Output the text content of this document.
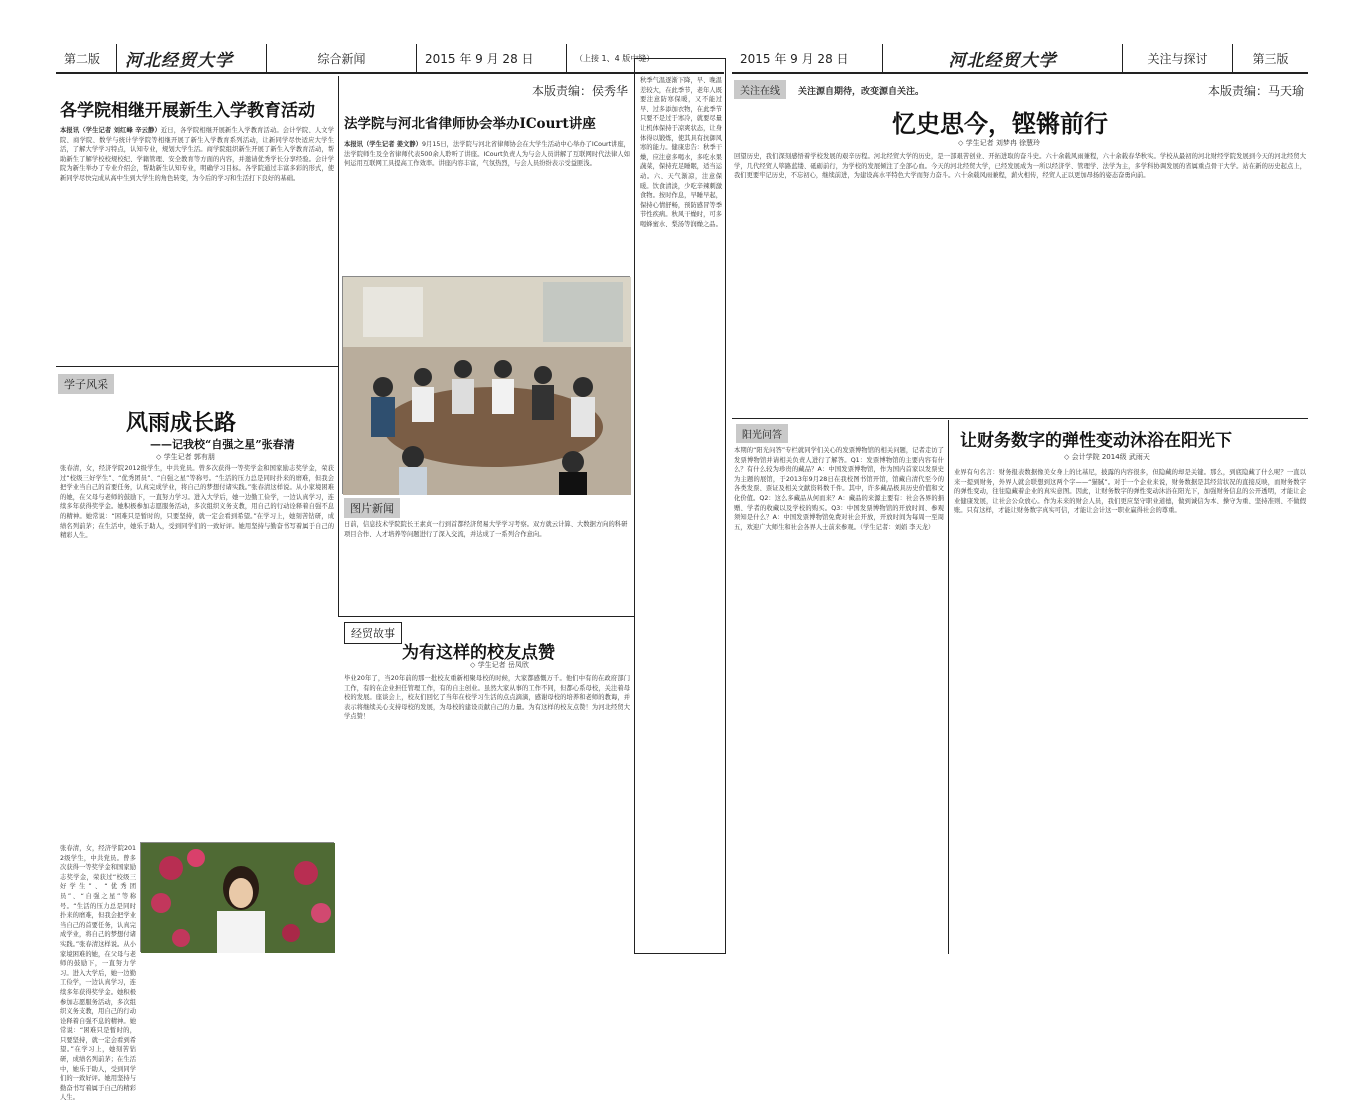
第二版	河北经贸大学	综合新闻	2015 年 9 月 28 日	（上接 1、4 版中缝）
本版责编：侯秀华
各学院相继开展新生入学教育活动
本报讯（学生记者 刘红峰 辛云静）近日，各学院相继开展新生入学教育活动。会计学院、人文学院、商学院、数学与统计学学院等相继开展了新生入学教育系列活动，让新同学尽快适应大学生活，了解大学学习特点，认知专业，规划大学生活。商学院组织新生开展了新生入学教育活动，帮助新生了解学校校规校纪、学籍管理、安全教育等方面的内容，并邀请优秀学长分享经验。会计学院为新生举办了专业介绍会，帮助新生认知专业，明确学习目标。各学院通过丰富多彩的形式，使新同学尽快完成从高中生到大学生的角色转变，为今后的学习和生活打下良好的基础。
法学院与河北省律师协会举办ICourt讲座
本报讯（学生记者 姜文静）9月15日，法学院与河北省律师协会在大学生活动中心举办了ICourt讲座，法学院师生及全省律师代表500余人聆听了讲座。ICourt负责人为与会人员讲解了互联网时代法律人如何运用互联网工具提高工作效率。讲座内容丰富，气氛热烈，与会人员纷纷表示受益匪浅。
图片新闻
日前，信息技术学院院长王素贞一行到首都经济贸易大学学习考察。双方就云计算、大数据方向的科研项目合作、人才培养等问题进行了深入交流，并达成了一系列合作意向。
学子风采
风雨成长路
——记我校“自强之星”张春清
◇ 学生记者 郭有朋
张春清，女，经济学院2012级学生，中共党员。曾多次获得一等奖学金和国家励志奖学金，荣获过“校级三好学生”、“优秀团员”、“自强之星”等称号。“生活的压力总是同时扑来的磨难，但我会把学业当自己的首要任务，认真完成学业，将自己的梦想付诸实践。”张春清这样说。从小家境困难的她，在父母与老师的鼓励下，一直努力学习。进入大学后，她一边勤工俭学，一边认真学习，连续多年获得奖学金。她积极参加志愿服务活动，多次组织义务支教，用自己的行动诠释着自强不息的精神。她常说：“困难只是暂时的，只要坚持，就一定会看到希望。”在学习上，她刻苦钻研，成绩名列前茅；在生活中，她乐于助人，受到同学们的一致好评。她用坚持与勤奋书写着属于自己的精彩人生。
张春清，女，经济学院2012级学生，中共党员。曾多次获得一等奖学金和国家励志奖学金，荣获过“校级三好学生”、“优秀团员”、“自强之星”等称号。“生活的压力总是同时扑来的磨难，但我会把学业当自己的首要任务，认真完成学业，将自己的梦想付诸实践。”张春清这样说。从小家境困难的她，在父母与老师的鼓励下，一直努力学习。进入大学后，她一边勤工俭学，一边认真学习，连续多年获得奖学金。她积极参加志愿服务活动，多次组织义务支教，用自己的行动诠释着自强不息的精神。她常说：“困难只是暂时的，只要坚持，就一定会看到希望。”在学习上，她刻苦钻研，成绩名列前茅；在生活中，她乐于助人，受到同学们的一致好评。她用坚持与勤奋书写着属于自己的精彩人生。
经贸故事
为有这样的校友点赞
◇ 学生记者 岳凤欣
毕业20年了，当20年前的那一批校友重新相聚母校的时候，大家都感慨万千。他们中有的在政府部门工作，有的在企业担任管理工作，有的自主创业。虽然大家从事的工作不同，但都心系母校，关注着母校的发展。座谈会上，校友们回忆了当年在校学习生活的点点滴滴，感谢母校的培养和老师的教诲，并表示将继续关心支持母校的发展，为母校的建设贡献自己的力量。为有这样的校友点赞！为河北经贸大学点赞！
秋季气温逐渐下降，早、晚温差较大，在此季节，老年人既要注意防寒保暖，又不能过早、过多添加衣物，在此季节只要不是过于寒冷，就要尽量让机体保持于凉爽状态，让身体得以锻炼，使其具有抗御风寒的能力。健康忠告：秋季干燥，应注意多喝水，多吃水果蔬菜，保持充足睡眠，适当运动。六、天气渐凉，注意保暖。饮食清淡，少吃辛辣刺激食物。按时作息，早睡早起，保持心情舒畅，预防感冒等季节性疾病。秋风干燥时，可多喝蜂蜜水、梨汤等润燥之品。
2015 年 9 月 28 日	河北经贸大学	关注与探讨	第三版
关注在线	关注源自期待，改变源自关注。	本版责编：马天瑜
忆史思今，铿锵前行
◇ 学生记者 刘梦冉 徐慧玲
回望历史，我们深刻感悟着学校发展的艰辛历程。河北经贸大学的历史，是一部艰苦创业、开拓进取的奋斗史。六十余载风雨兼程，六十余载春华秋实。学校从最初的河北财经学院发展到今天的河北经贸大学，几代经贸人筚路蓝缕、砥砺前行，为学校的发展倾注了全部心血。今天的河北经贸大学，已经发展成为一所以经济学、管理学、法学为主，多学科协调发展的省属重点骨干大学。站在新的历史起点上，我们更要牢记历史，不忘初心，继续前进，为建设高水平特色大学而努力奋斗。六十余载风雨兼程，薪火相传，经贸人正以更加昂扬的姿态奋勇向前。
阳光问答
本期的“阳光问答”专栏就同学们关心的发票博物馆的相关问题，记者走访了发票博物馆并请相关负责人进行了解答。Q1：发票博物馆的主要内容有什么？有什么较为珍贵的藏品？A：中国发票博物馆，作为国内首家以发票史为主题的展馆，于2013年9月28日在我校图书馆开馆，馆藏自清代至今的各类发票、票证及相关文献资料数千件。其中，许多藏品极具历史价值和文化价值。Q2：这么多藏品从何而来？A：藏品的来源主要有：社会各界的捐赠、学者的收藏以及学校的购买。Q3：中国发票博物馆的开放时间、参观须知是什么？A：中国发票博物馆免费对社会开放，开放时间为每周一至周五，欢迎广大师生和社会各界人士前来参观。（学生记者：刘娟 李天龙）
让财务数字的弹性变动沐浴在阳光下
◇ 会计学院 2014级 武雨天
业界有句名言：财务报表数据像美女身上的比基尼，披露的内容很多，但隐藏的却是关键。那么，到底隐藏了什么呢？一直以来一提到财务，外界人就会联想到这两个字——“猫腻”。对于一个企业来说，财务数据是其经营状况的直接反映，而财务数字的弹性变动，往往隐藏着企业的真实意图。因此，让财务数字的弹性变动沐浴在阳光下，加强财务信息的公开透明，才能让企业健康发展，让社会公众放心。作为未来的财会人员，我们更应坚守职业道德，做到诚信为本、操守为重、坚持准则、不做假账。只有这样，才能让财务数字真实可信，才能让会计这一职业赢得社会的尊重。
